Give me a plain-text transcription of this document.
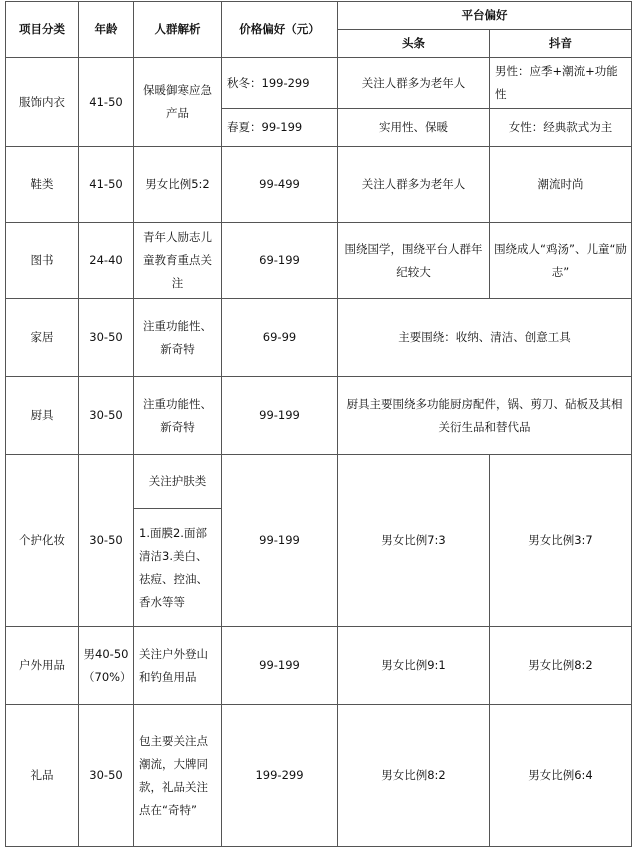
项目分类	年龄	人群解析	价格偏好（元）	平台偏好	
				头条	抖音
服饰内衣	41-50	保暖御寒应急产品	秋冬：199-299	关注人群多为老年人	男性：应季+潮流+功能性
			春夏：99-199	实用性、保暖	女性：经典款式为主
鞋类	41-50	男女比例5:2	99-499	关注人群多为老年人	潮流时尚
图书	24-40	青年人励志儿童教育重点关注	69-199	围绕国学，围绕平台人群年纪较大	围绕成人“鸡汤”、儿童“励志”
家居	30-50	注重功能性、新奇特	69-99	主要围绕：收纳、清洁、创意工具	
厨具	30-50	注重功能性、新奇特	99-199	厨具主要围绕多功能厨房配件，锅、剪刀、砧板及其相关衍生品和替代品	
个护化妆	30-50	关注护肤类	99-199	男女比例7:3	男女比例3:7
		1.面膜2.面部清洁3.美白、祛痘、控油、香水等等			
户外用品	男40-50（70%）	关注户外登山和钓鱼用品	99-199	男女比例9:1	男女比例8:2
礼品	30-50	包主要关注点潮流，大牌同款，礼品关注点在“奇特”	199-299	男女比例8:2	男女比例6:4
